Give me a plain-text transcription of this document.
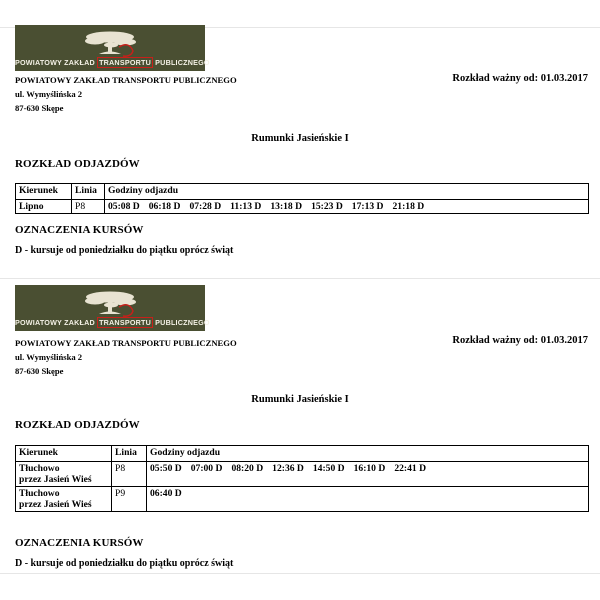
POWIATOWY ZAKŁAD TRANSPORTU PUBLICZNEGO
POWIATOWY ZAKŁAD TRANSPORTU PUBLICZNEGO
ul. Wymyślińska 2
87-630 Skępe
Rozkład ważny od: 01.03.2017
Rumunki Jasieńskie I
ROZKŁAD ODJAZDÓW
Kierunek	Linia	Godziny odjazdu
Lipno	P8	05:08 D 06:18 D 07:28 D 11:13 D 13:18 D 15:23 D 17:13 D 21:18 D
OZNACZENIA KURSÓW
D - kursuje od poniedziałku do piątku oprócz świąt
POWIATOWY ZAKŁAD TRANSPORTU PUBLICZNEGO
POWIATOWY ZAKŁAD TRANSPORTU PUBLICZNEGO
ul. Wymyślińska 2
87-630 Skępe
Rozkład ważny od: 01.03.2017
Rumunki Jasieńskie I
ROZKŁAD ODJAZDÓW
Kierunek	Linia	Godziny odjazdu

Tłuchowo
przez Jasień Wieś	P8	05:50 D 07:00 D 08:20 D 12:36 D 14:50 D 16:10 D 22:41 D

Tłuchowo
przez Jasień Wieś	P9	06:40 D
OZNACZENIA KURSÓW
D - kursuje od poniedziałku do piątku oprócz świąt
